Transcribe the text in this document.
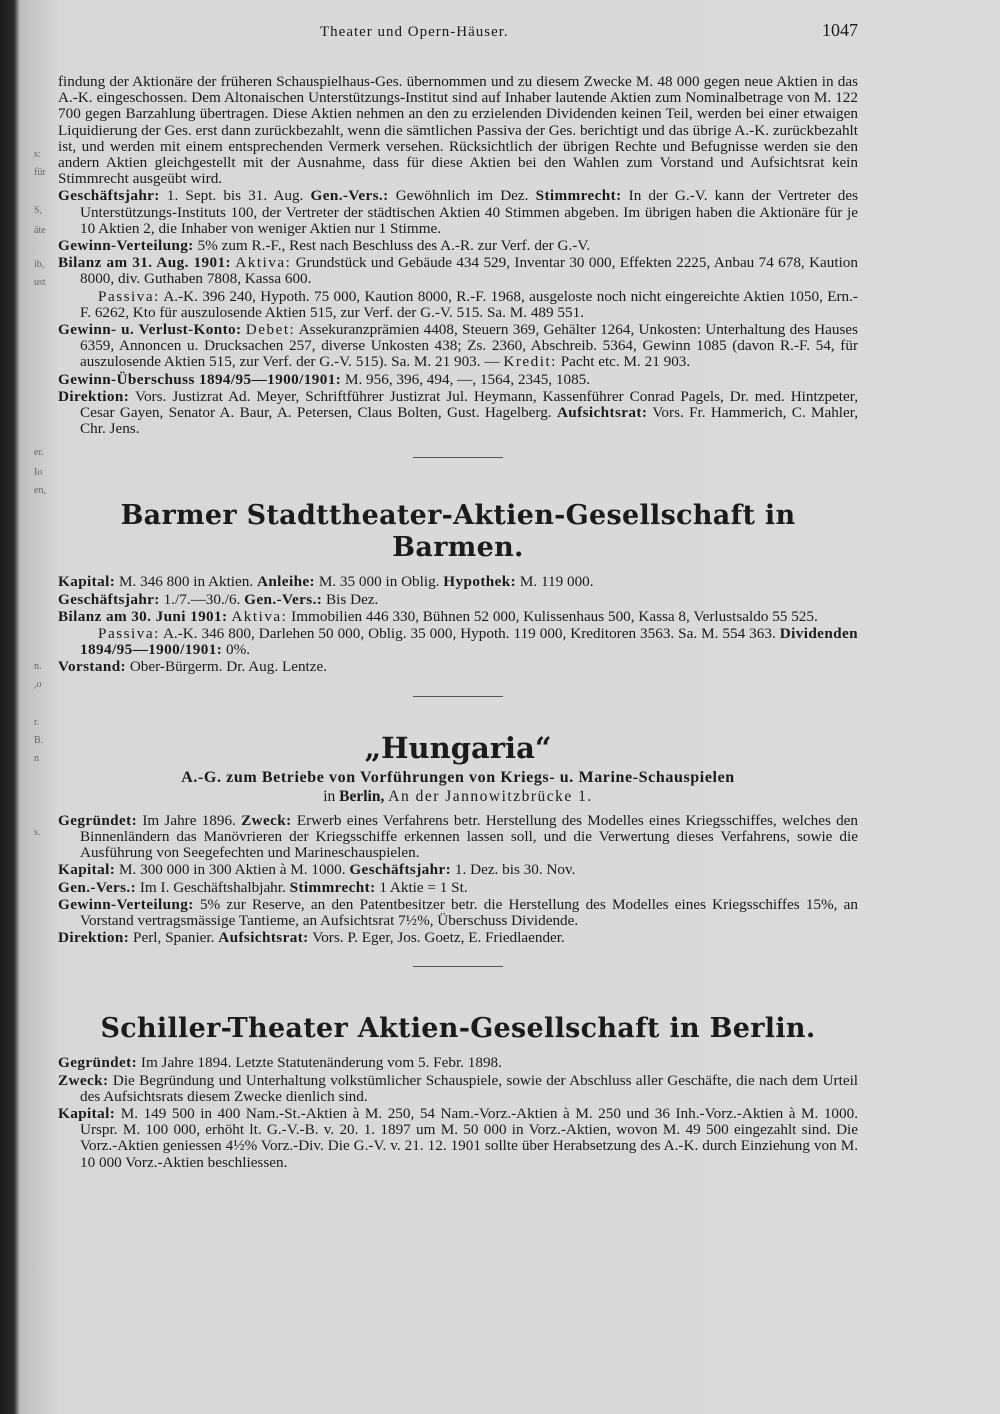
s:
für
S,
äte
ib,
ust
er.
Io
en,
n.
,o
r.
B.
n
s.
Theater und Opern-Häuser.	1047

findung der Aktionäre der früheren Schauspielhaus-Ges. übernommen und zu diesem Zwecke M. 48 000 gegen neue Aktien in das A.-K. eingeschossen. Dem Altonaischen Unterstützungs-Institut sind auf Inhaber lautende Aktien zum Nominalbetrage von M. 122 700 gegen Barzahlung übertragen. Diese Aktien nehmen an den zu erzielenden Dividenden keinen Teil, werden bei einer etwaigen Liquidierung der Ges. erst dann zurückbezahlt, wenn die sämtlichen Passiva der Ges. berichtigt und das übrige A.-K. zurückbezahlt ist, und werden mit einem entsprechenden Vermerk versehen. Rücksichtlich der übrigen Rechte und Befugnisse werden sie den andern Aktien gleichgestellt mit der Ausnahme, dass für diese Aktien bei den Wahlen zum Vorstand und Aufsichtsrat kein Stimmrecht ausgeübt wird.

Geschäftsjahr: 1. Sept. bis 31. Aug. Gen.-Vers.: Gewöhnlich im Dez. Stimmrecht: In der G.-V. kann der Vertreter des Unterstützungs-Instituts 100, der Vertreter der städtischen Aktien 40 Stimmen abgeben. Im übrigen haben die Aktionäre für je 10 Aktien 2, die Inhaber von weniger Aktien nur 1 Stimme.

Gewinn-Verteilung: 5% zum R.-F., Rest nach Beschluss des A.-R. zur Verf. der G.-V.

Bilanz am 31. Aug. 1901: Aktiva: Grundstück und Gebäude 434 529, Inventar 30 000, Effekten 2225, Anbau 74 678, Kaution 8000, div. Guthaben 7808, Kassa 600.

Passiva: A.-K. 396 240, Hypoth. 75 000, Kaution 8000, R.-F. 1968, ausgeloste noch nicht eingereichte Aktien 1050, Ern.-F. 6262, Kto für auszulosende Aktien 515, zur Verf. der G.-V. 515. Sa. M. 489 551.

Gewinn- u. Verlust-Konto: Debet: Assekuranzprämien 4408, Steuern 369, Gehälter 1264, Unkosten: Unterhaltung des Hauses 6359, Annoncen u. Drucksachen 257, diverse Unkosten 438; Zs. 2360, Abschreib. 5364, Gewinn 1085 (davon R.-F. 54, für auszulosende Aktien 515, zur Verf. der G.-V. 515). Sa. M. 21 903. — Kredit: Pacht etc. M. 21 903.

Gewinn-Überschuss 1894/95—1900/1901: M. 956, 396, 494, —, 1564, 2345, 1085.

Direktion: Vors. Justizrat Ad. Meyer, Schriftführer Justizrat Jul. Heymann, Kassenführer Conrad Pagels, Dr. med. Hintzpeter, Cesar Gayen, Senator A. Baur, A. Petersen, Claus Bolten, Gust. Hagelberg. Aufsichtsrat: Vors. Fr. Hammerich, C. Mahler, Chr. Jens.

Barmer Stadttheater-Aktien-Gesellschaft in Barmen.

Kapital: M. 346 800 in Aktien. Anleihe: M. 35 000 in Oblig. Hypothek: M. 119 000.

Geschäftsjahr: 1./7.—30./6. Gen.-Vers.: Bis Dez.

Bilanz am 30. Juni 1901: Aktiva: Immobilien 446 330, Bühnen 52 000, Kulissenhaus 500, Kassa 8, Verlustsaldo 55 525.

Passiva: A.-K. 346 800, Darlehen 50 000, Oblig. 35 000, Hypoth. 119 000, Kreditoren 3563. Sa. M. 554 363. Dividenden 1894/95—1900/1901: 0%.

Vorstand: Ober-Bürgerm. Dr. Aug. Lentze.

„Hungaria“
A.-G. zum Betriebe von Vorführungen von Kriegs- u. Marine-Schauspielen
in Berlin, An der Jannowitzbrücke 1.

Gegründet: Im Jahre 1896. Zweck: Erwerb eines Verfahrens betr. Herstellung des Modelles eines Kriegsschiffes, welches den Binnenländern das Manövrieren der Kriegsschiffe erkennen lassen soll, und die Verwertung dieses Verfahrens, sowie die Ausführung von Seegefechten und Marineschauspielen.

Kapital: M. 300 000 in 300 Aktien à M. 1000. Geschäftsjahr: 1. Dez. bis 30. Nov.

Gen.-Vers.: Im I. Geschäftshalbjahr. Stimmrecht: 1 Aktie = 1 St.

Gewinn-Verteilung: 5% zur Reserve, an den Patentbesitzer betr. die Herstellung des Modelles eines Kriegsschiffes 15%, an Vorstand vertragsmässige Tantieme, an Aufsichtsrat 7½%, Überschuss Dividende.

Direktion: Perl, Spanier. Aufsichtsrat: Vors. P. Eger, Jos. Goetz, E. Friedlaender.

Schiller-Theater Aktien-Gesellschaft in Berlin.

Gegründet: Im Jahre 1894. Letzte Statutenänderung vom 5. Febr. 1898.

Zweck: Die Begründung und Unterhaltung volkstümlicher Schauspiele, sowie der Abschluss aller Geschäfte, die nach dem Urteil des Aufsichtsrats diesem Zwecke dienlich sind.

Kapital: M. 149 500 in 400 Nam.-St.-Aktien à M. 250, 54 Nam.-Vorz.-Aktien à M. 250 und 36 Inh.-Vorz.-Aktien à M. 1000. Urspr. M. 100 000, erhöht lt. G.-V.-B. v. 20. 1. 1897 um M. 50 000 in Vorz.-Aktien, wovon M. 49 500 eingezahlt sind. Die Vorz.-Aktien geniessen 4½% Vorz.-Div. Die G.-V. v. 21. 12. 1901 sollte über Herabsetzung des A.-K. durch Einziehung von M. 10 000 Vorz.-Aktien beschliessen.
